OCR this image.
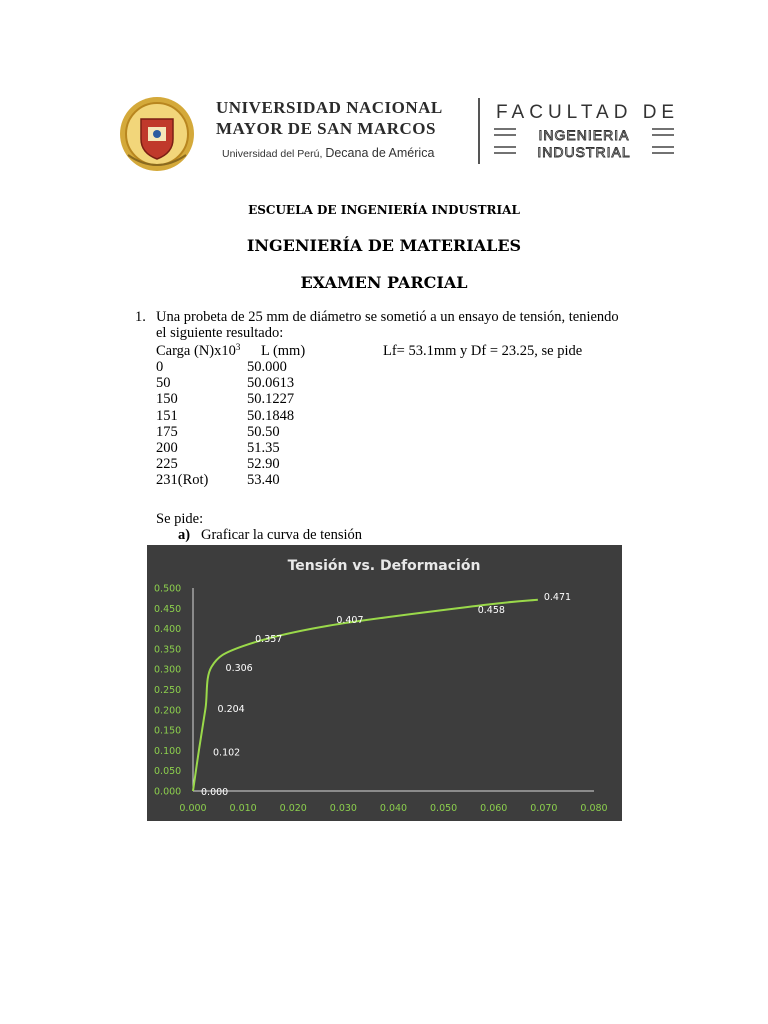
UNIVERSIDAD NACIONAL
MAYOR DE SAN MARCOS
Universidad del Perú, Decana de América
FACULTAD DE
INGENIERIA
INDUSTRIAL
ESCUELA DE INGENIERÍA INDUSTRIAL
INGENIERÍA DE MATERIALES
EXAMEN PARCIAL
1. Una probeta de 25 mm de diámetro se sometió a un ensayo de tensión, teniendo
el siguiente resultado:
Carga $(N)x10^3$ L (mm)	Lf= 53.1mm y Df = 23.25, se pide
Se pide:
a) Graficar la curva de tensión
Tensión vs. Deformación
0.000 0.010 0.020 0.030 0.040 0.050 0.060 0.070 0.080
0.000
0.050
0.100
0.150
0.200
0.250
0.300
0.350
0.400
0.450
0.500
0.000
0.102
0.204
0.306
0.357
0.407
0.458
0.471
0	50.000
50	50.0613
150	50.1227
151	50.1848
175	50.50
200	51.35
225	52.90
231(Rot)	53.40
